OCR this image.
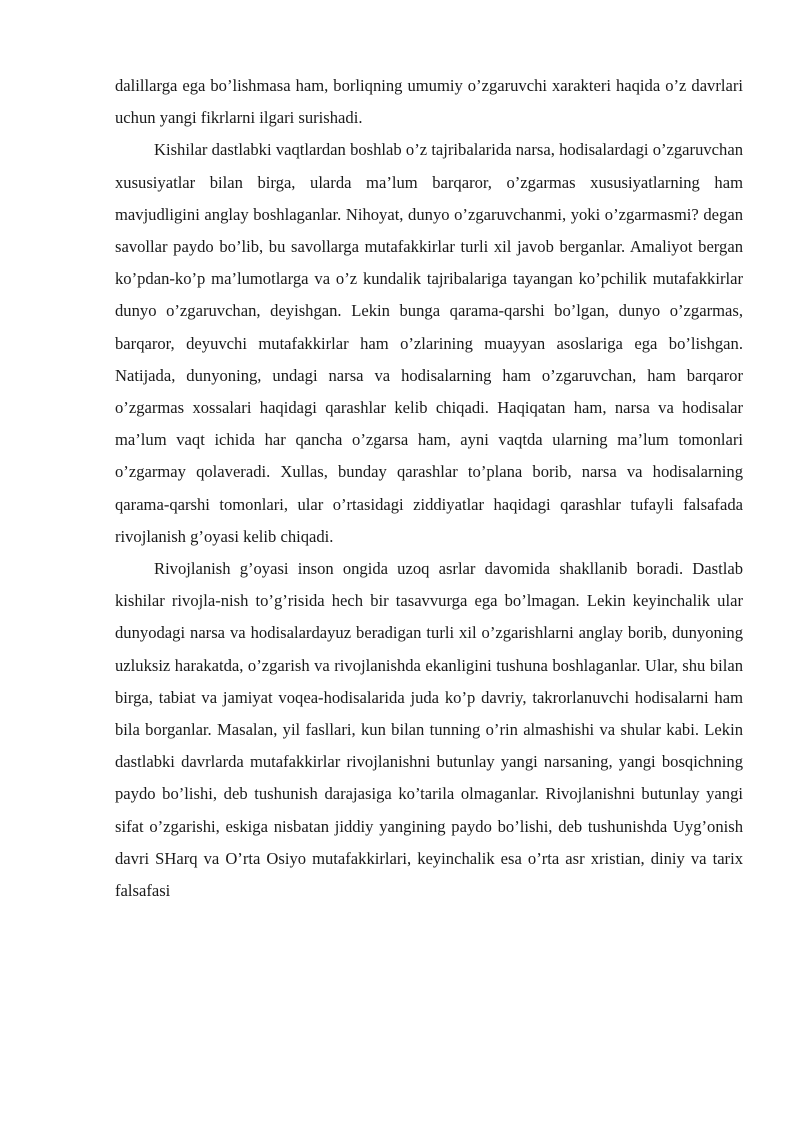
dalillarga ega bo’lishmasa ham, borliqning umumiy o’zgaruvchi xarakteri haqida o’z davrlari uchun yangi fikrlarni ilgari surishadi.

Kishilar dastlabki vaqtlardan boshlab o’z tajribalarida narsa, hodisalardagi o’zgaruvchan xususiyatlar bilan birga, ularda ma’lum barqaror, o’zgarmas xususiyatlarning ham mavjudligini anglay boshlaganlar. Nihoyat, dunyo o’zgaruvchanmi, yoki o’zgarmasmi? degan savollar paydo bo’lib, bu savollarga mutafakkirlar turli xil javob berganlar. Amaliyot bergan ko’pdan-ko’p ma’lumotlarga va o’z kundalik tajribalariga tayangan ko’pchilik mutafakkirlar dunyo o’zgaruvchan, deyishgan. Lekin bunga qarama-qarshi bo’lgan, dunyo o’zgarmas, barqaror, deyuvchi mutafakkirlar ham o’zlarining muayyan asoslariga ega bo’lishgan. Natijada, dunyoning, undagi narsa va hodisalarning ham o’zgaruvchan, ham barqaror o’zgarmas xossalari haqidagi qarashlar kelib chiqadi. Haqiqatan ham, narsa va hodisalar ma’lum vaqt ichida har qancha o’zgarsa ham, ayni vaqtda ularning ma’lum tomonlari o’zgarmay qolaveradi. Xullas, bunday qarashlar to’plana borib, narsa va hodisalarning qarama-qarshi tomonlari, ular o’rtasidagi ziddiyatlar haqidagi qarashlar tufayli falsafada rivojlanish g’oyasi kelib chiqadi.

Rivojlanish g’oyasi inson ongida uzoq asrlar davomida shakllanib boradi. Dastlab kishilar rivojla-nish to’g’risida hech bir tasavvurga ega bo’lmagan. Lekin keyinchalik ular dunyodagi narsa va hodisalardayuz beradigan turli xil o’zgarishlarni anglay borib, dunyoning uzluksiz harakatda, o’zgarish va rivojlanishda ekanligini tushuna boshlaganlar. Ular, shu bilan birga, tabiat va jamiyat voqea-hodisalarida juda ko’p davriy, takrorlanuvchi hodisalarni ham bila borganlar. Masalan, yil fasllari, kun bilan tunning o’rin almashishi va shular kabi. Lekin dastlabki davrlarda mutafakkirlar rivojlanishni butunlay yangi narsaning, yangi bosqichning paydo bo’lishi, deb tushunish darajasiga ko’tarila olmaganlar. Rivojlanishni butunlay yangi sifat o’zgarishi, eskiga nisbatan jiddiy yangining paydo bo’lishi, deb tushunishda Uyg’onish davri SHarq va O’rta Osiyo mutafakkirlari, keyinchalik esa o’rta asr xristian, diniy va tarix falsafasi
